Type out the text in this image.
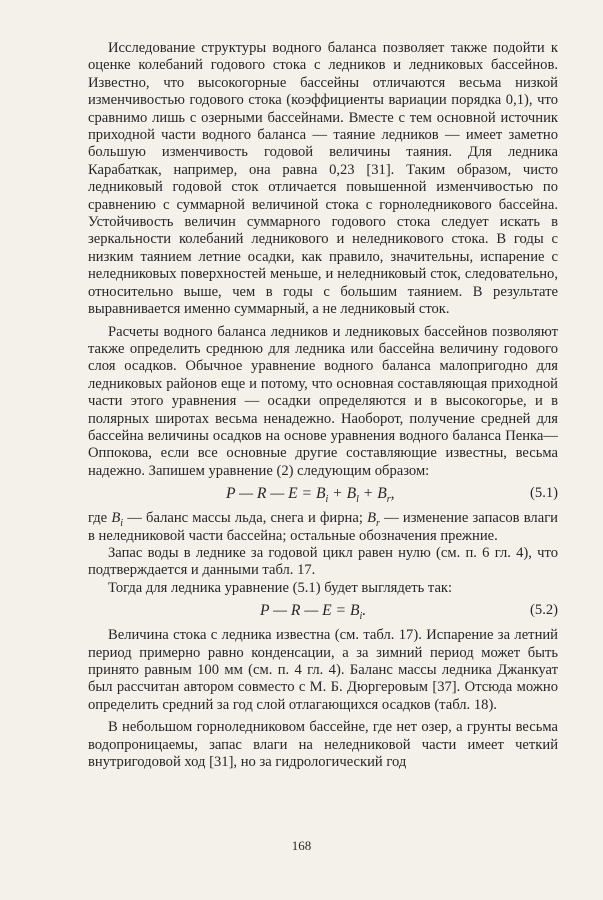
Исследование структуры водного баланса позволяет также подойти к оценке колебаний годового стока с ледников и ледниковых бассейнов. Известно, что высокогорные бассейны отличаются весьма низкой изменчивостью годового стока (коэффициенты вариации порядка 0,1), что сравнимо лишь с озерными бассейнами. Вместе с тем основной источник приходной части водного баланса — таяние ледников — имеет заметно большую изменчивость годовой величины таяния. Для ледника Карабаткак, например, она равна 0,23 [31]. Таким образом, чисто ледниковый годовой сток отличается повышенной изменчивостью по сравнению с суммарной величиной стока с горноледникового бассейна. Устойчивость величин суммарного годового стока следует искать в зеркальности колебаний ледникового и неледникового стока. В годы с низким таянием летние осадки, как правило, значительны, испарение с неледниковых поверхностей меньше, и неледниковый сток, следовательно, относительно выше, чем в годы с большим таянием. В результате выравнивается именно суммарный, а не ледниковый сток.

Расчеты водного баланса ледников и ледниковых бассейнов позволяют также определить среднюю для ледника или бассейна величину годового слоя осадков. Обычное уравнение водного баланса малопригодно для ледниковых районов еще и потому, что основная составляющая приходной части этого уравнения — осадки определяются и в высокогорье, и в полярных широтах весьма ненадежно. Наоборот, получение средней для бассейна величины осадков на основе уравнения водного баланса Пенка—Оппокова, если все основные другие составляющие известны, весьма надежно. Запишем уравнение (2) следующим образом:

P — R — $E = B_i + B_l + B_r$,	(5.1)

где $B_i$ — баланс массы льда, снега и фирна; $B_r$ — изменение запасов влаги в неледниковой части бассейна; остальные обозначения прежние.

Запас воды в леднике за годовой цикл равен нулю (см. п. 6 гл. 4), что подтверждается и данными табл. 17.

Тогда для ледника уравнение (5.1) будет выглядеть так:

P — R — $E = B_i$.	(5.2)

Величина стока с ледника известна (см. табл. 17). Испарение за летний период примерно равно конденсации, а за зимний период может быть принято равным 100 мм (см. п. 4 гл. 4). Баланс массы ледника Джанкуат был рассчитан автором совместо с М. Б. Дюргеровым [37]. Отсюда можно определить средний за год слой отлагающихся осадков (табл. 18).

В небольшом горноледниковом бассейне, где нет озер, а грунты весьма водопроницаемы, запас влаги на неледниковой части имеет четкий внутригодовой ход [31], но за гидрологический год

168
